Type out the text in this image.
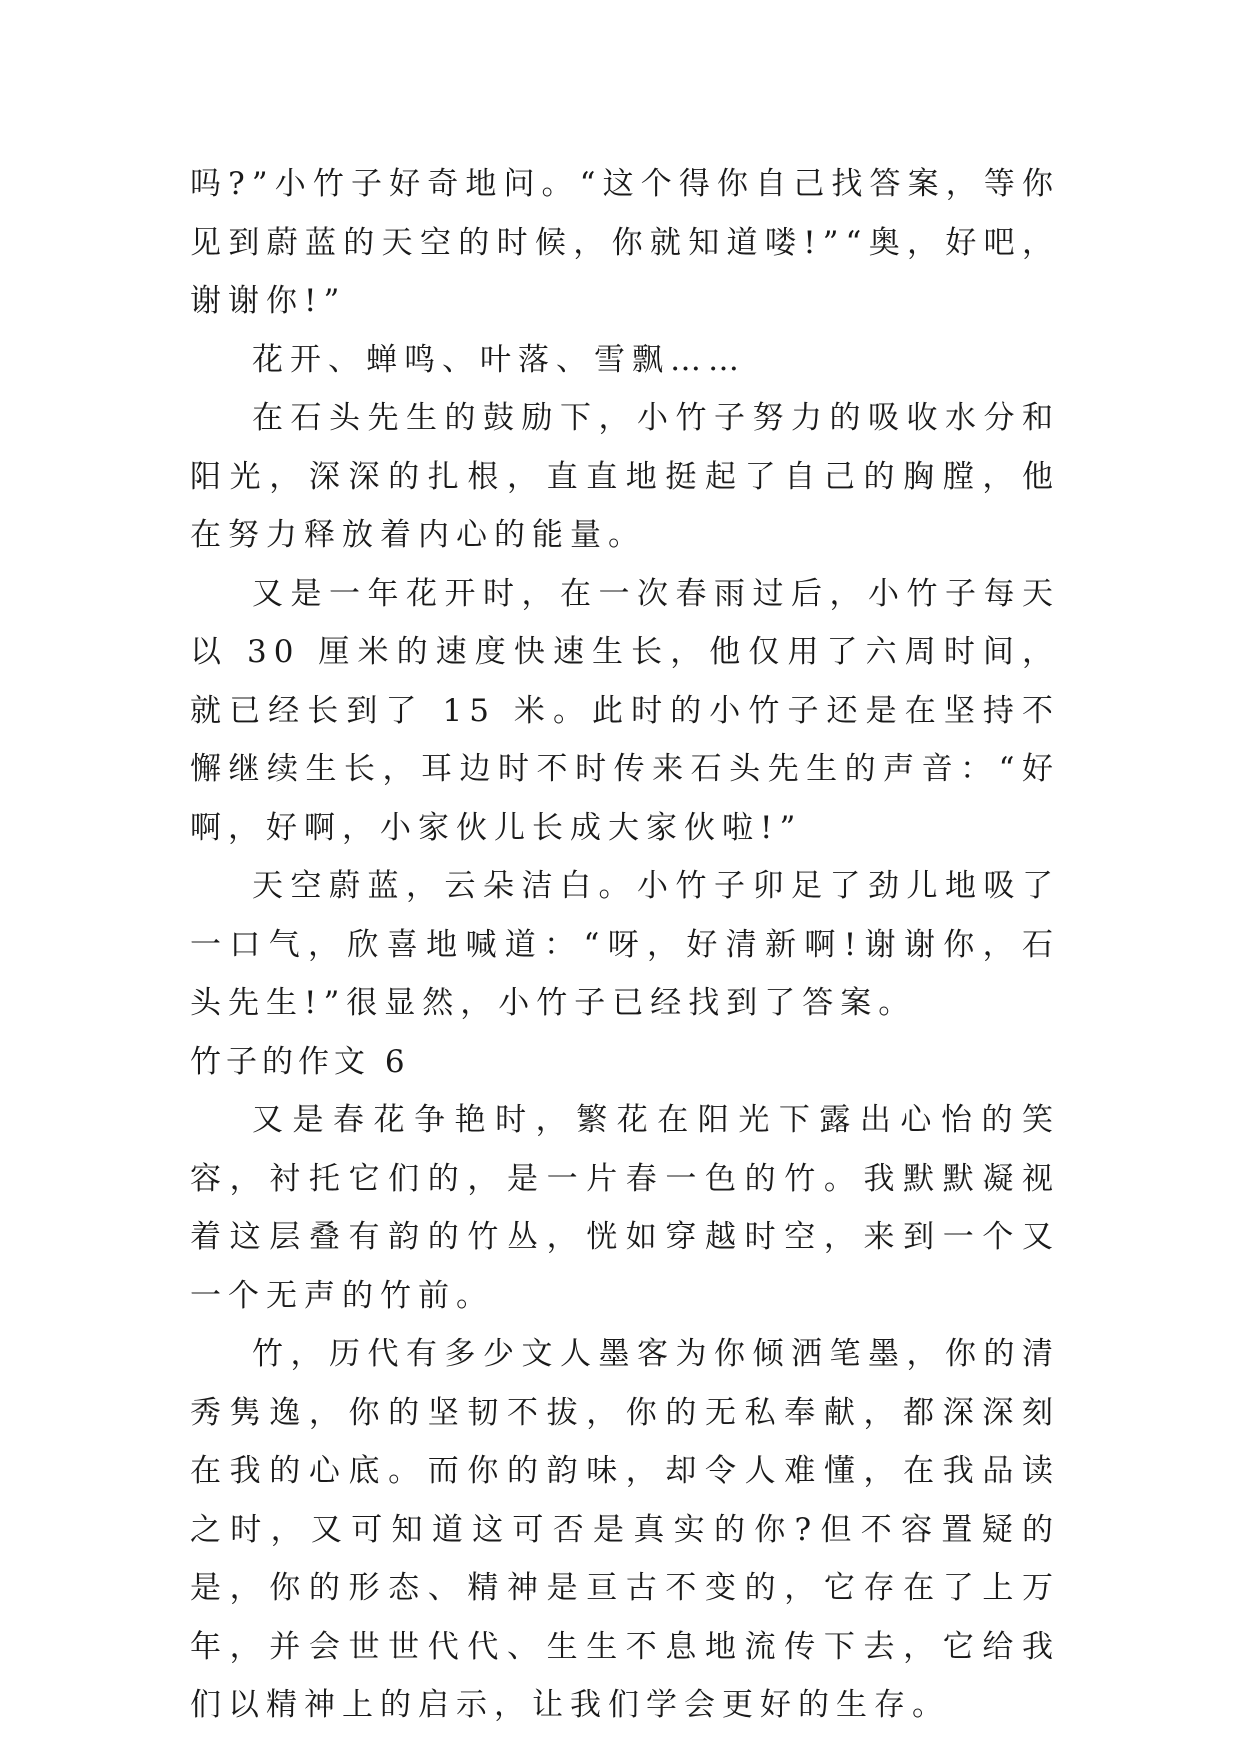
吗?”小竹子好奇地问。“这个得你自己找答案，等你见到蔚蓝的天空的时候，你就知道喽!”“奥，好吧，谢谢你!”

花开、蝉鸣、叶落、雪飘……

在石头先生的鼓励下，小竹子努力的吸收水分和阳光，深深的扎根，直直地挺起了自己的胸膛，他在努力释放着内心的能量。

又是一年花开时，在一次春雨过后，小竹子每天以 30 厘米的速度快速生长，他仅用了六周时间，就已经长到了 15 米。此时的小竹子还是在坚持不懈继续生长，耳边时不时传来石头先生的声音：“好啊，好啊，小家伙儿长成大家伙啦!”

天空蔚蓝，云朵洁白。小竹子卯足了劲儿地吸了一口气，欣喜地喊道：“呀，好清新啊!谢谢你，石头先生!”很显然，小竹子已经找到了答案。

竹子的作文 6

又是春花争艳时，繁花在阳光下露出心怡的笑容，衬托它们的，是一片春一色的竹。我默默凝视着这层叠有韵的竹丛，恍如穿越时空，来到一个又一个无声的竹前。

竹，历代有多少文人墨客为你倾洒笔墨，你的清秀隽逸，你的坚韧不拔，你的无私奉献，都深深刻在我的心底。而你的韵味，却令人难懂，在我品读之时，又可知道这可否是真实的你?但不容置疑的是，你的形态、精神是亘古不变的，它存在了上万年，并会世世代代、生生不息地流传下去，它给我们以精神上的启示，让我们学会更好的生存。
